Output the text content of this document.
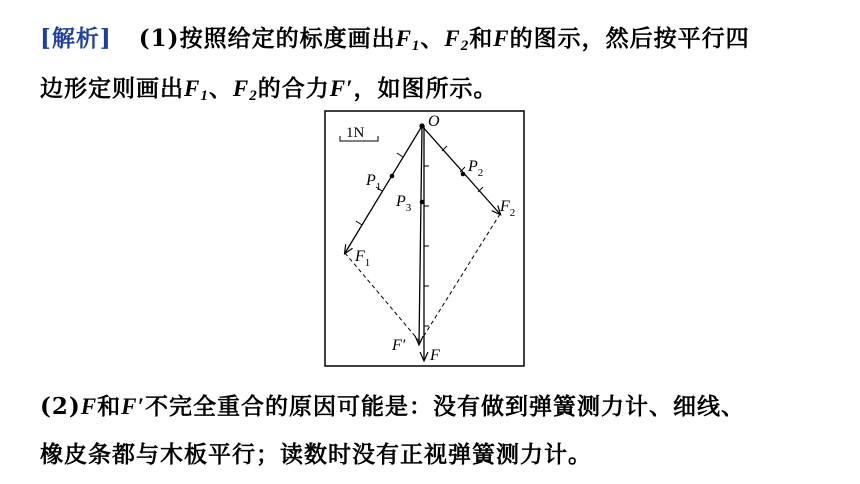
[解析] (1)按照给定的标度画出$F_1$、$F_2$和F的图示，然后按平行四
边形定则画出$F_1$、$F_2$的合力F′，如图所示。
1N
O
$P_1$
$F_1$
$P_2$
$F_2$
$P_3$
F′
F
(2)F和F′不完全重合的原因可能是：没有做到弹簧测力计、细线、
橡皮条都与木板平行；读数时没有正视弹簧测力计。
